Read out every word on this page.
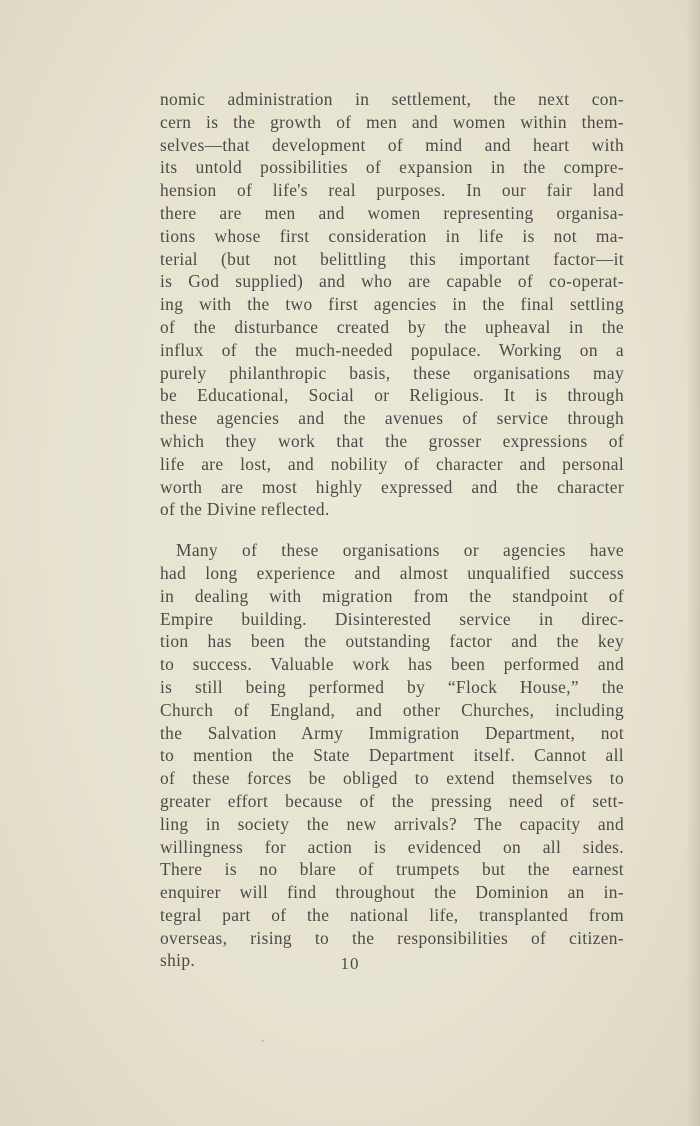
nomic administration in settlement, the next con-
cern is the growth of men and women within them-
selves—that development of mind and heart with
its untold possibilities of expansion in the compre-
hension of life's real purposes. In our fair land
there are men and women representing organisa-
tions whose first consideration in life is not ma-
terial (but not belittling this important factor—it
is God supplied) and who are capable of co-operat-
ing with the two first agencies in the final settling
of the disturbance created by the upheaval in the
influx of the much-needed populace. Working on a
purely philanthropic basis, these organisations may
be Educational, Social or Religious. It is through
these agencies and the avenues of service through
which they work that the grosser expressions of
life are lost, and nobility of character and personal
worth are most highly expressed and the character
of the Divine reflected.

Many of these organisations or agencies have
had long experience and almost unqualified success
in dealing with migration from the standpoint of
Empire building. Disinterested service in direc-
tion has been the outstanding factor and the key
to success. Valuable work has been performed and
is still being performed by “Flock House,” the
Church of England, and other Churches, including
the Salvation Army Immigration Department, not
to mention the State Department itself. Cannot all
of these forces be obliged to extend themselves to
greater effort because of the pressing need of sett-
ling in society the new arrivals? The capacity and
willingness for action is evidenced on all sides.
There is no blare of trumpets but the earnest
enquirer will find throughout the Dominion an in-
tegral part of the national life, transplanted from
overseas, rising to the responsibilities of citizen-
ship.	10
